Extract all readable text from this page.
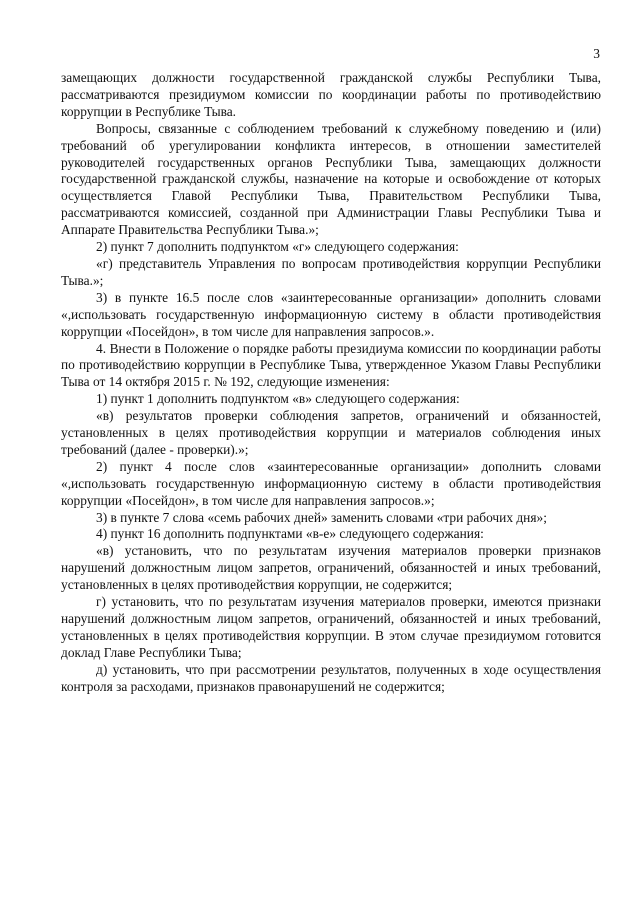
3

замещающих должности государственной гражданской службы Республики Тыва, рассматриваются президиумом комиссии по координации работы по противодействию коррупции в Республике Тыва.

Вопросы, связанные с соблюдением требований к служебному поведению и (или) требований об урегулировании конфликта интересов, в отношении заместителей руководителей государственных органов Республики Тыва, замещающих должности государственной гражданской службы, назначение на которые и освобождение от которых осуществляется Главой Республики Тыва, Правительством Республики Тыва, рассматриваются комиссией, созданной при Администрации Главы Республики Тыва и Аппарате Правительства Республики Тыва.»;

2) пункт 7 дополнить подпунктом «г» следующего содержания:

«г) представитель Управления по вопросам противодействия коррупции Республики Тыва.»;

3) в пункте 16.5 после слов «заинтересованные организации» дополнить словами «,использовать государственную информационную систему в области противодействия коррупции «Посейдон», в том числе для направления запросов.».

4. Внести в Положение о порядке работы президиума комиссии по координации работы по противодействию коррупции в Республике Тыва, утвержденное Указом Главы Республики Тыва от 14 октября 2015 г. № 192, следующие изменения:

1) пункт 1 дополнить подпунктом «в» следующего содержания:

«в) результатов проверки соблюдения запретов, ограничений и обязанностей, установленных в целях противодействия коррупции и материалов соблюдения иных требований (далее - проверки).»;

2) пункт 4 после слов «заинтересованные организации» дополнить словами «,использовать государственную информационную систему в области противодействия коррупции «Посейдон», в том числе для направления запросов.»;

3) в пункте 7 слова «семь рабочих дней» заменить словами «три рабочих дня»;

4) пункт 16 дополнить подпунктами «в-е» следующего содержания:

«в) установить, что по результатам изучения материалов проверки признаков нарушений должностным лицом запретов, ограничений, обязанностей и иных требований, установленных в целях противодействия коррупции, не содержится;

г) установить, что по результатам изучения материалов проверки, имеются признаки нарушений должностным лицом запретов, ограничений, обязанностей и иных требований, установленных в целях противодействия коррупции. В этом случае президиумом готовится доклад Главе Республики Тыва;

д) установить, что при рассмотрении результатов, полученных в ходе осуществления контроля за расходами, признаков правонарушений не содержится;
